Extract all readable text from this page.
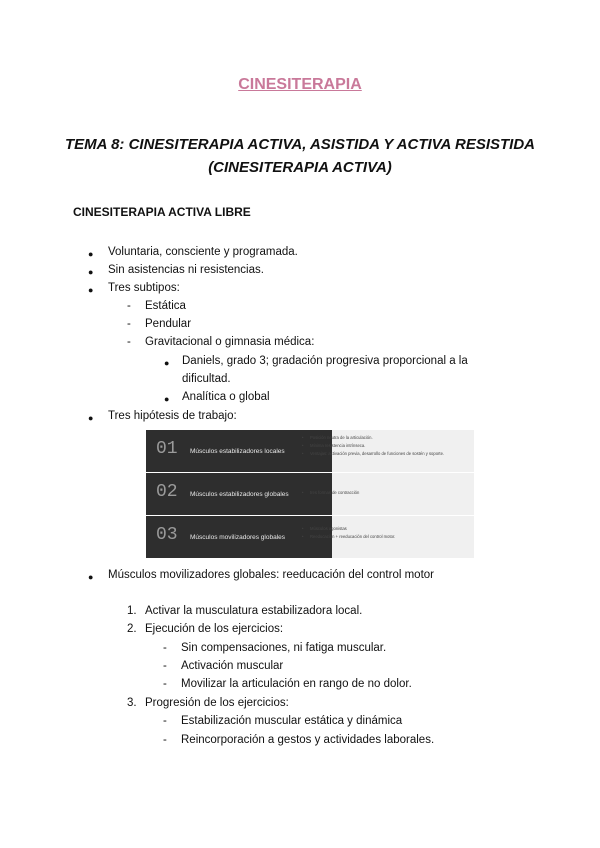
CINESITERAPIA
TEMA 8: CINESITERAPIA ACTIVA, ASISTIDA Y ACTIVA RESISTIDA (CINESITERAPIA ACTIVA)
CINESITERAPIA ACTIVA LIBRE
● Voluntaria, consciente y programada.
● Sin asistencias ni resistencias.
● Tres subtipos:
- Estática
- Pendular
- Gravitacional o gimnasia médica:
● Daniels, grado 3; gradación progresiva proporcional a la
dificultad.
● Analítica o global
● Tres hipótesis de trabajo:
01 Músculos estabilizadores locales
• Posición neutra de la articulación.
• Mínima resistencia intrínseca.
• Ventajas: activación previa, desarrollo de funciones de sostén y soporte.
02 Músculos estabilizadores globales	• tres formas de contracción
03 Músculos movilizadores globales
• Músculos agonistas
• Reeducación + reeducación del control motor.
● Músculos movilizadores globales: reeducación del control motor
1. Activar la musculatura estabilizadora local.
2. Ejecución de los ejercicios:
- Sin compensaciones, ni fatiga muscular.
- Activación muscular
- Movilizar la articulación en rango de no dolor.
3. Progresión de los ejercicios:
- Estabilización muscular estática y dinámica
- Reincorporación a gestos y actividades laborales.
